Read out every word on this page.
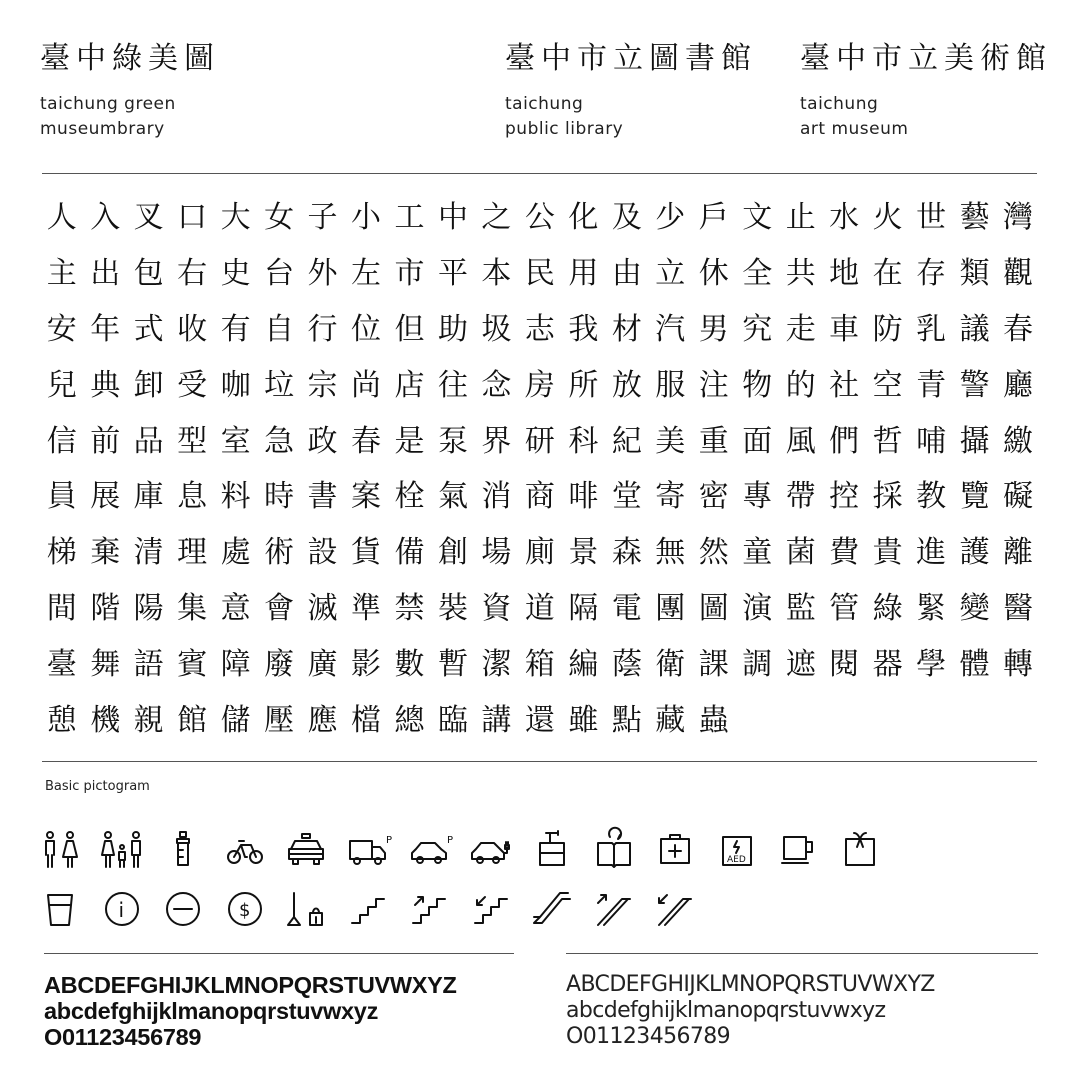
臺中綠美圖
taichung green
museumbrary
臺中市立圖書館
taichung
public library
臺中市立美術館
taichung
art museum
人 入 叉 口 大 女 子 小 工 中 之 公 化 及 少 戶 文 止 水 火 世 藝 灣
主 出 包 右 史 台 外 左 市 平 本 民 用 由 立 休 全 共 地 在 存 類 觀
安 年 式 收 有 自 行 位 但 助 圾 志 我 材 汽 男 究 走 車 防 乳 議 春
兒 典 卸 受 咖 垃 宗 尚 店 往 念 房 所 放 服 注 物 的 社 空 青 警 廳
信 前 品 型 室 急 政 春 是 泵 界 研 科 紀 美 重 面 風 們 哲 哺 攝 繳
員 展 庫 息 料 時 書 案 栓 氣 消 商 啡 堂 寄 密 專 帶 控 採 教 覽 礙
梯 棄 清 理 處 術 設 貨 備 創 場 廁 景 森 無 然 童 菌 費 貴 進 護 離
間 階 陽 集 意 會 滅 準 禁 裝 資 道 隔 電 團 圖 演 監 管 綠 緊 變 醫
臺 舞 語 賓 障 廢 廣 影 數 暫 潔 箱 編 蔭 衛 課 調 遮 閱 器 學 體 轉
憩 機 親 館 儲 壓 應 檔 總 臨 講 還 雖 點 藏 蟲
Basic pictogram
P	P
AED
i	$
ABCDEFGHIJKLMNOPQRSTUVWXYZ
abcdefghijklmanopqrstuvwxyz
O01123456789
ABCDEFGHIJKLMNOPQRSTUVWXYZ
abcdefghijklmanopqrstuvwxyz
O01123456789
